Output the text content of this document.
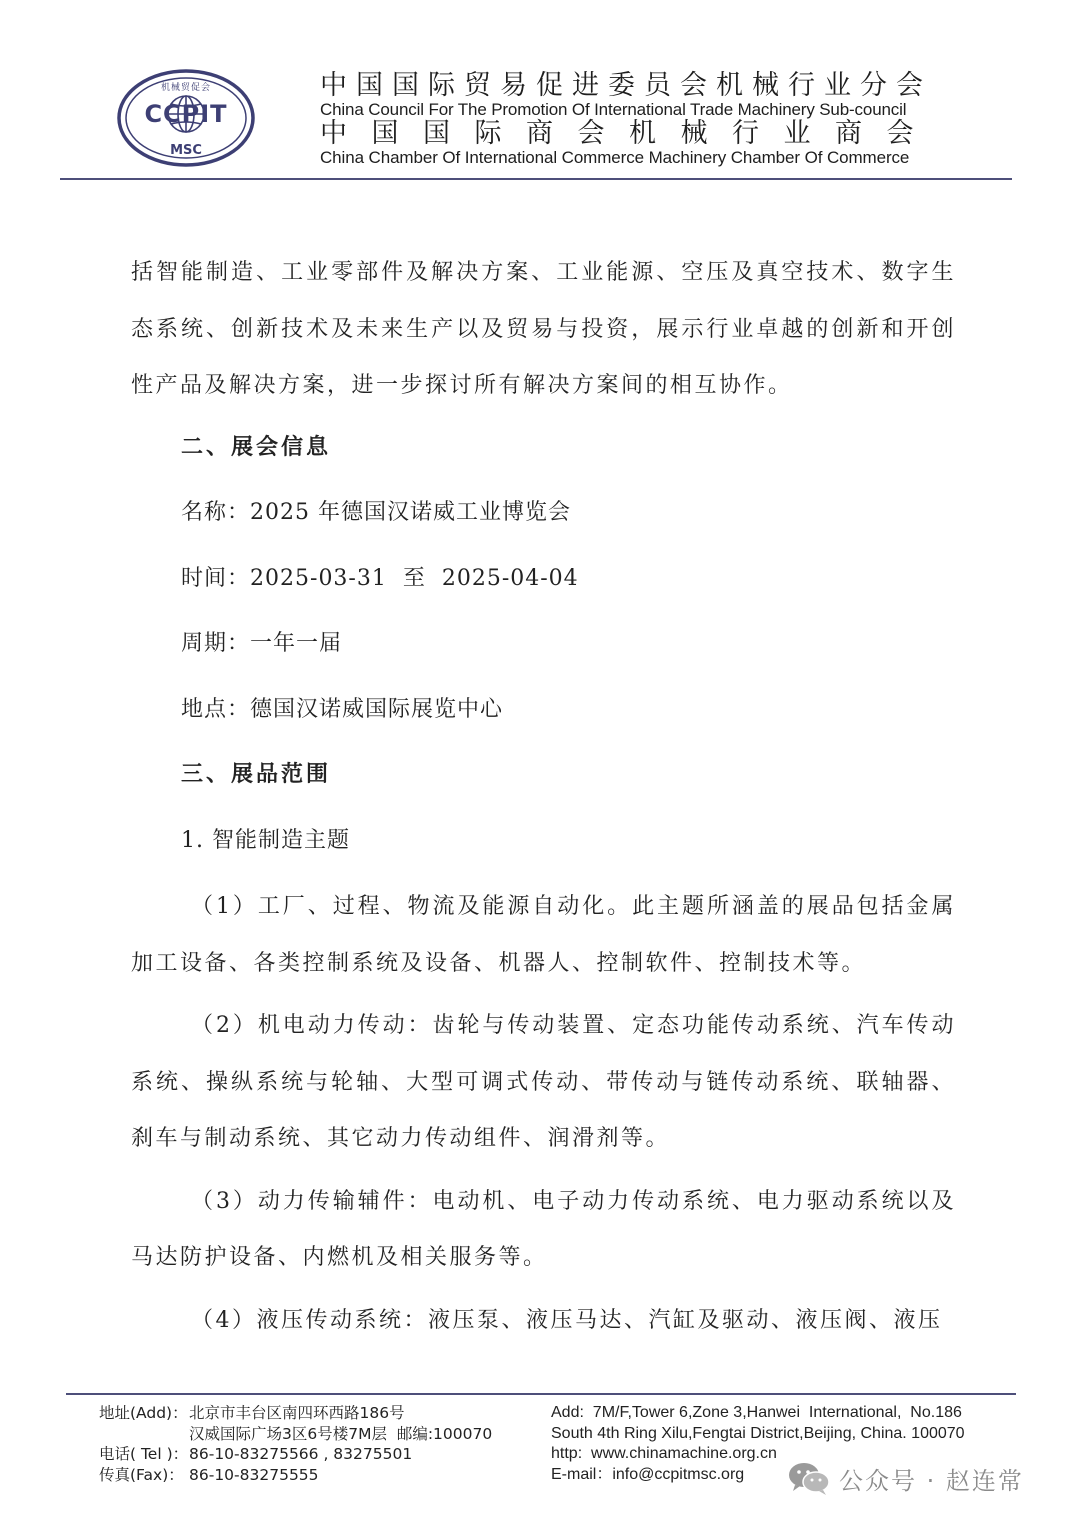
机械贸促会
CCPIT
MSC
中国国际贸易促进委员会机械行业分会
China Council For The Promotion Of International Trade Machinery Sub-council
中国国际商会机械行业商会
China Chamber Of International Commerce Machinery Chamber Of Commerce

括智能制造、工业零部件及解决方案、工业能源、空压及真空技术、数字生态系统、创新技术及未来生产以及贸易与投资，展示行业卓越的创新和开创性产品及解决方案，进一步探讨所有解决方案间的相互协作。

二、展会信息

名称：2025 年德国汉诺威工业博览会

时间：2025-03-31  至  2025-04-04

周期：一年一届

地点：德国汉诺威国际展览中心

三、展品范围

1. 智能制造主题

（1）工厂、过程、物流及能源自动化。此主题所涵盖的展品包括金属加工设备、各类控制系统及设备、机器人、控制软件、控制技术等。

（2）机电动力传动：齿轮与传动装置、定态功能传动系统、汽车传动系统、操纵系统与轮轴、大型可调式传动、带传动与链传动系统、联轴器、刹车与制动系统、其它动力传动组件、润滑剂等。

（3）动力传输辅件：电动机、电子动力传动系统、电力驱动系统以及马达防护设备、内燃机及相关服务等。

（4）液压传动系统：液压泵、液压马达、汽缸及驱动、液压阀、液压

地址(Add)：北京市丰台区南四环西路186号
汉威国际广场3区6号楼7M层  邮编:100070
电话( Tel )：86-10-83275566 , 83275501
传真(Fax)： 86-10-83275555
Add:  7M/F,Tower 6,Zone 3,Hanwei  International,  No.186
South 4th Ring Xilu,Fengtai District,Beijing, China. 100070
http:  www.chinamachine.org.cn
E-mail：info@ccpitmsc.org	公众号 · 赵连常
